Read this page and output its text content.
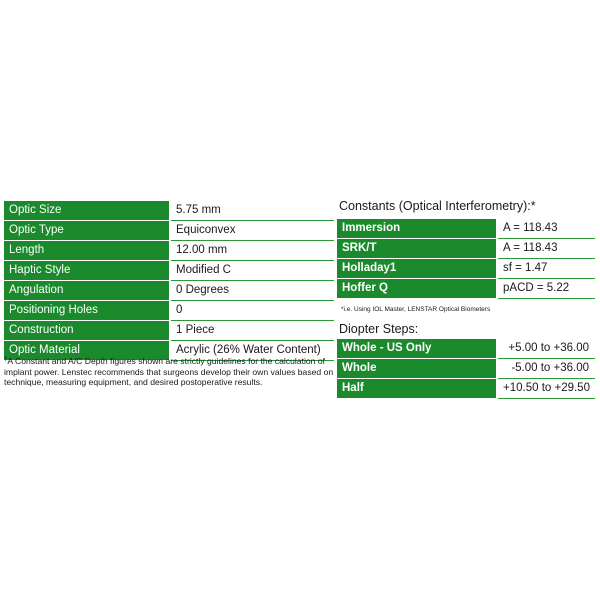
Optic Size	5.75 mm
Optic Type	Equiconvex
Length	12.00 mm
Haptic Style	Modified C
Angulation	0 Degrees
Positioning Holes	0
Construction	1 Piece
Optic Material	Acrylic (26% Water Content)
†A Constant and A/C Depth figures shown are strictly guidelines for the calculation of implant power. Lenstec recommends that surgeons develop their own values based on technique, measuring equipment, and desired postoperative results.
Constants (Optical Interferometry):*
Immersion	A = 118.43
SRK/T	A = 118.43
Holladay1	sf = 1.47
Hoffer Q	pACD = 5.22
*i.e. Using IOL Master, LENSTAR Optical Biometers
Diopter Steps:
Whole - US Only	+5.00 to +36.00
Whole	-5.00 to +36.00
Half	+10.50 to +29.50
